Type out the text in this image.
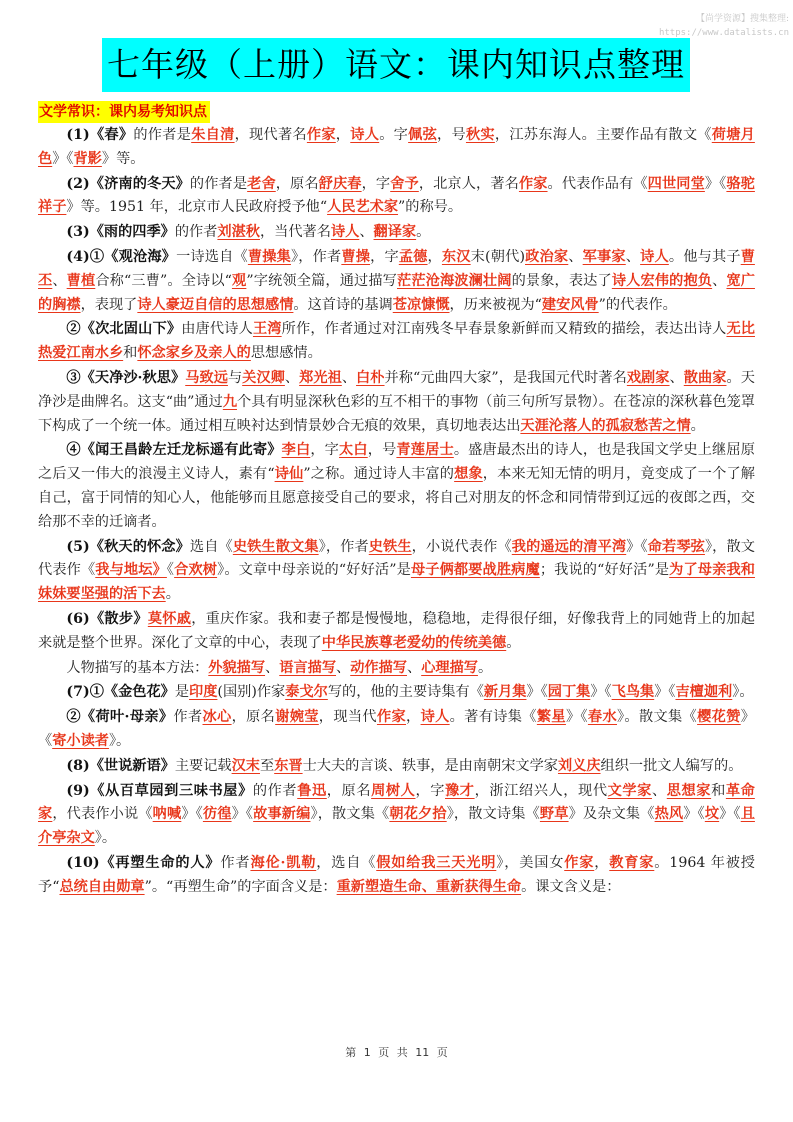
【尚学资源】搜集整理:
https://www.datalists.cn
七年级（上册）语文：课内知识点整理
文学常识：课内易考知识点

(1)《春》的作者是朱自清，现代著名作家，诗人。字佩弦，号秋实，江苏东海人。主要作品有散文《荷塘月色》《背影》等。

(2)《济南的冬天》的作者是老舍，原名舒庆春，字舍予，北京人，著名作家。代表作品有《四世同堂》《骆驼祥子》等。1951 年，北京市人民政府授予他“人民艺术家”的称号。

(3)《雨的四季》的作者刘湛秋，当代著名诗人、翻译家。

(4)①《观沧海》一诗选自《曹操集》，作者曹操，字孟德，东汉末(朝代)政治家、军事家、诗人。他与其子曹丕、曹植合称“三曹”。全诗以“观”字统领全篇，通过描写茫茫沧海波澜壮阔的景象，表达了诗人宏伟的抱负、宽广的胸襟，表现了诗人豪迈自信的思想感情。这首诗的基调苍凉慷慨，历来被视为“建安风骨”的代表作。

②《次北固山下》由唐代诗人王湾所作，作者通过对江南残冬早春景象新鲜而又精致的描绘，表达出诗人无比热爱江南水乡和怀念家乡及亲人的思想感情。

③《天净沙·秋思》马致远与关汉卿、郑光祖、白朴并称“元曲四大家”，是我国元代时著名戏剧家、散曲家。天净沙是曲牌名。这支“曲”通过九个具有明显深秋色彩的互不相干的事物（前三句所写景物）。在苍凉的深秋暮色笼罩下构成了一个统一体。通过相互映衬达到情景妙合无痕的效果，真切地表达出天涯沦落人的孤寂愁苦之情。

④《闻王昌龄左迁龙标遥有此寄》李白，字太白，号青莲居士。盛唐最杰出的诗人，也是我国文学史上继屈原之后又一伟大的浪漫主义诗人，素有“诗仙”之称。通过诗人丰富的想象，本来无知无情的明月，竟变成了一个了解自己，富于同情的知心人，他能够而且愿意接受自己的要求，将自己对朋友的怀念和同情带到辽远的夜郎之西，交给那不幸的迁谪者。

(5)《秋天的怀念》选自《史铁生散文集》，作者史铁生，小说代表作《我的遥远的清平湾》《命若琴弦》，散文代表作《我与地坛》《合欢树》。文章中母亲说的“好好活”是母子俩都要战胜病魔；我说的“好好活”是为了母亲我和妹妹要坚强的活下去。

(6)《散步》莫怀戚，重庆作家。我和妻子都是慢慢地，稳稳地，走得很仔细，好像我背上的同她背上的加起来就是整个世界。深化了文章的中心，表现了中华民族尊老爱幼的传统美德。

人物描写的基本方法：外貌描写、语言描写、动作描写、心理描写。

(7)①《金色花》是印度(国别)作家泰戈尔写的，他的主要诗集有《新月集》《园丁集》《飞鸟集》《吉檀迦利》。

②《荷叶·母亲》作者冰心，原名谢婉莹，现当代作家，诗人。著有诗集《繁星》《春水》。散文集《樱花赞》《寄小读者》。

(8)《世说新语》主要记载汉末至东晋士大夫的言谈、轶事，是由南朝宋文学家刘义庆组织一批文人编写的。

(9)《从百草园到三味书屋》的作者鲁迅，原名周树人，字豫才，浙江绍兴人，现代文学家、思想家和革命家，代表作小说《呐喊》《彷徨》《故事新编》，散文集《朝花夕拾》，散文诗集《野草》及杂文集《热风》《坟》《且介亭杂文》。

(10)《再塑生命的人》作者海伦·凯勒，选自《假如给我三天光明》，美国女作家，教育家。1964 年被授予“总统自由勋章”。“再塑生命”的字面含义是：重新塑造生命、重新获得生命。课文含义是：

第 1 页 共 11 页
